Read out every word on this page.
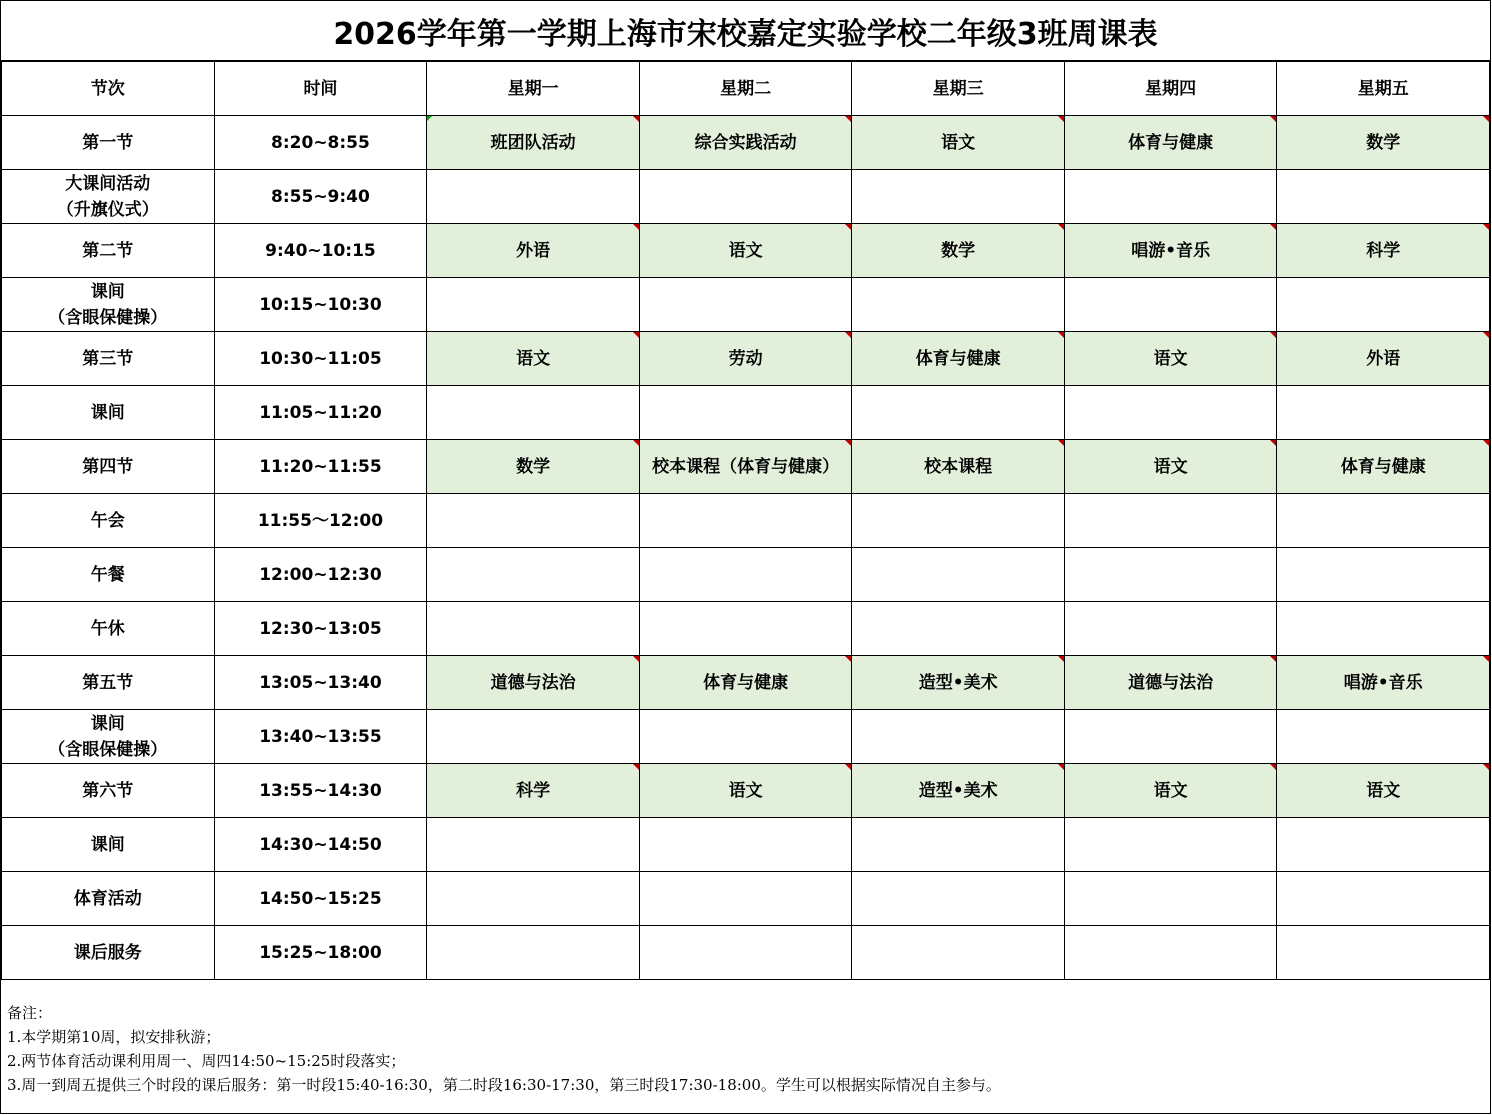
2026学年第一学期上海市宋校嘉定实验学校二年级3班周课表
节次	时间	星期一	星期二	星期三	星期四	星期五

第一节	8:20~8:55	班团队活动	综合实践活动	语文	体育与健康	数学

大课间活动
（升旗仪式）	8:55~9:40					

第二节	9:40~10:15	外语	语文	数学	唱游•音乐	科学

课间
（含眼保健操）	10:15~10:30					

第三节	10:30~11:05	语文	劳动	体育与健康	语文	外语

课间	11:05~11:20					

第四节	11:20~11:55	数学	校本课程（体育与健康）	校本课程	语文	体育与健康

午会	11:55～12:00					

午餐	12:00~12:30					

午休	12:30~13:05					

第五节	13:05~13:40	道德与法治	体育与健康	造型•美术	道德与法治	唱游•音乐

课间
（含眼保健操）	13:40~13:55					

第六节	13:55~14:30	科学	语文	造型•美术	语文	语文

课间	14:30~14:50					

体育活动	14:50~15:25					

课后服务	15:25~18:00					
备注：
1.本学期第10周，拟安排秋游；
2.两节体育活动课利用周一、周四14:50~15:25时段落实；
3.周一到周五提供三个时段的课后服务：第一时段15:40-16:30，第二时段16:30-17:30，第三时段17:30-18:00。学生可以根据实际情况自主参与。
